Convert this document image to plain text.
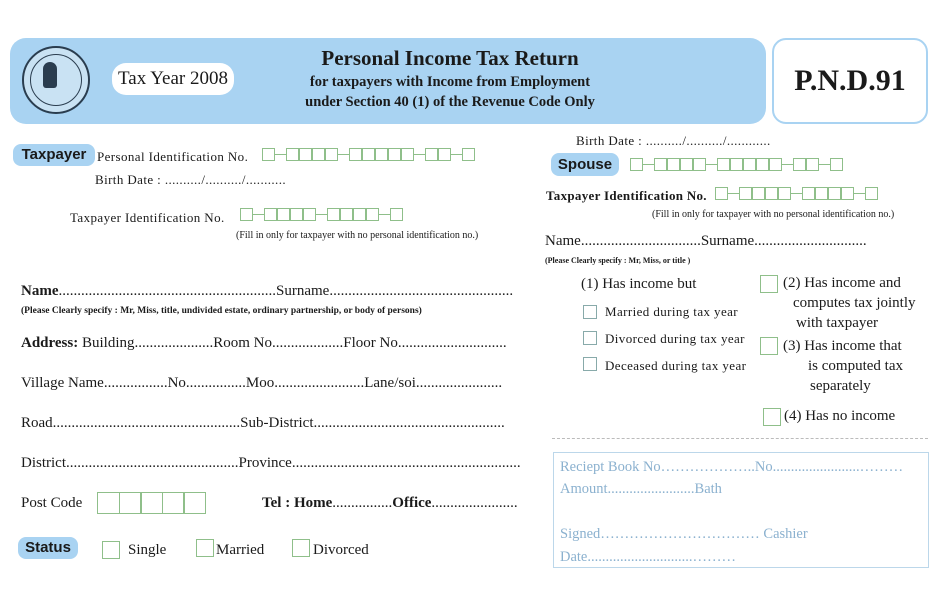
Tax Year 2008
Personal Income Tax Return
for taxpayers with Income from Employment
under Section 40 (1) of the Revenue Code Only
P.N.D.91
Taxpayer Personal Identification No.
Birth Date : ........../........../...........
Taxpayer Identification No.
(Fill in only for taxpayer with no personal identification no.)
Name..........................................................Surname.................................................
(Please Clearly specify : Mr, Miss, title, undivided estate, ordinary partnership, or body of persons)
Address: Building.....................Room No...................Floor No.............................
Village Name.................No................Moo........................Lane/soi.......................
Road..................................................Sub-District...................................................
District..............................................Province.............................................................
Post Code	Tel : Home................Office.......................
Status	Single	Married	Divorced
Birth Date : ........../........../............
Spouse
Taxpayer Identification No.
(Fill in only for taxpayer with no personal identification no.)
Name................................Surname..............................
(Please Clearly specify : Mr, Miss, or title )
(1) Has income but
Married during tax year
Divorced during tax year
Deceased during tax year
(2) Has income and
computes tax jointly
with taxpayer
(3) Has income that
is computed tax
separately
(4) Has no income
Reciept Book No………………..No........................………
Amount........................Bath
Signed…………………………… Cashier
Date.............................………
